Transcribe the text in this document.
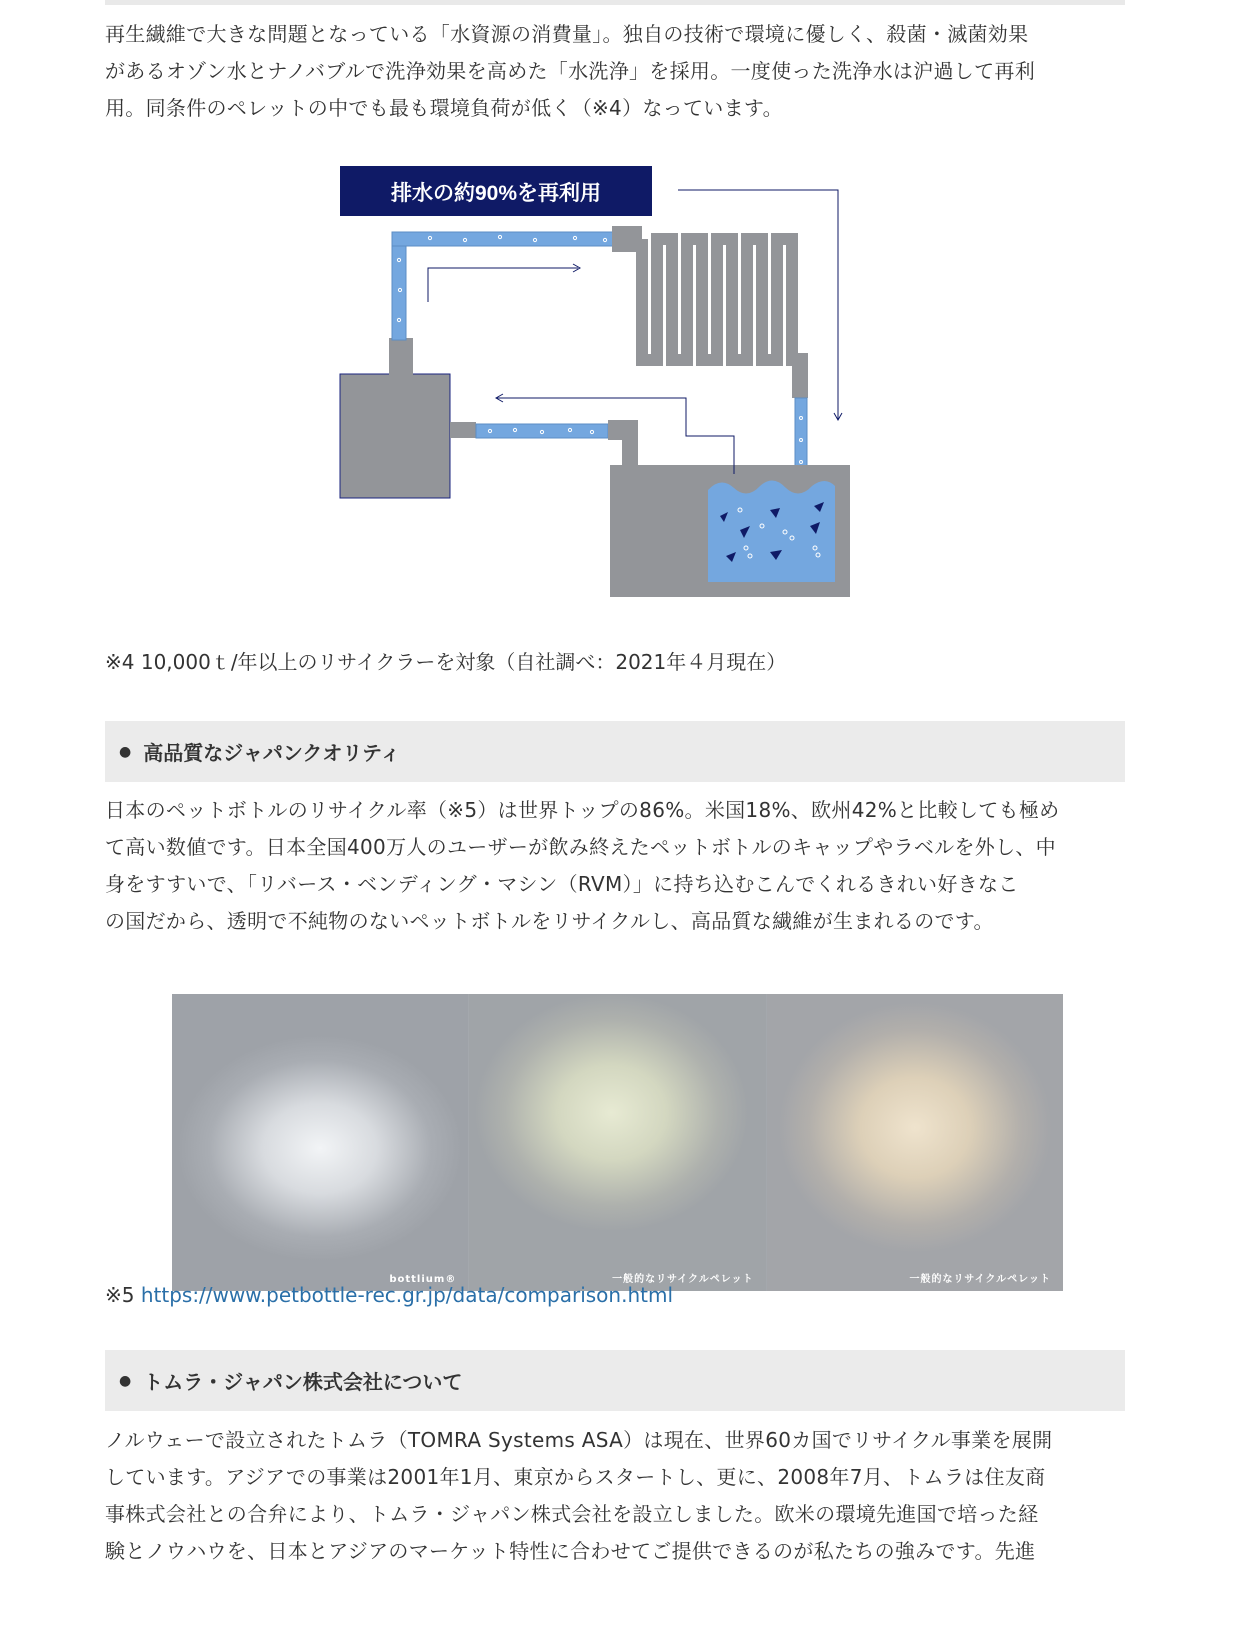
再生繊維で大きな問題となっている「水資源の消費量」。独自の技術で環境に優しく、殺菌・滅菌効果
があるオゾン水とナノバブルで洗浄効果を高めた「水洗浄」を採用。一度使った洗浄水は沪過して再利
用。同条件のペレットの中でも最も環境負荷が低く（※4）なっています。
排水の約90%を再利用

※4 10,000ｔ/年以上のリサイクラーを対象（自社調べ：2021年４月現在）

● 高品質なジャパンクオリティ
日本のペットボトルのリサイクル率（※5）は世界トップの86%。米国18%、欧州42%と比較しても極め
て高い数値です。日本全国400万人のユーザーが飲み終えたペットボトルのキャップやラベルを外し、中
身をすすいで、「リバース・ベンディング・マシン（RVM）」に持ち込むこんでくれるきれい好きなこ
の国だから、透明で不純物のないペットボトルをリサイクルし、高品質な繊維が生まれるのです。
bottlium®	一般的なリサイクルペレット	一般的なリサイクルペレット

※5 https://www.petbottle-rec.gr.jp/data/comparison.html

● トムラ・ジャパン株式会社について
ノルウェーで設立されたトムラ（TOMRA Systems ASA）は現在、世界60カ国でリサイクル事業を展開
しています。アジアでの事業は2001年1月、東京からスタートし、更に、2008年7月、トムラは住友商
事株式会社との合弁により、トムラ・ジャパン株式会社を設立しました。欧米の環境先進国で培った経
験とノウハウを、日本とアジアのマーケット特性に合わせてご提供できるのが私たちの強みです。先進
